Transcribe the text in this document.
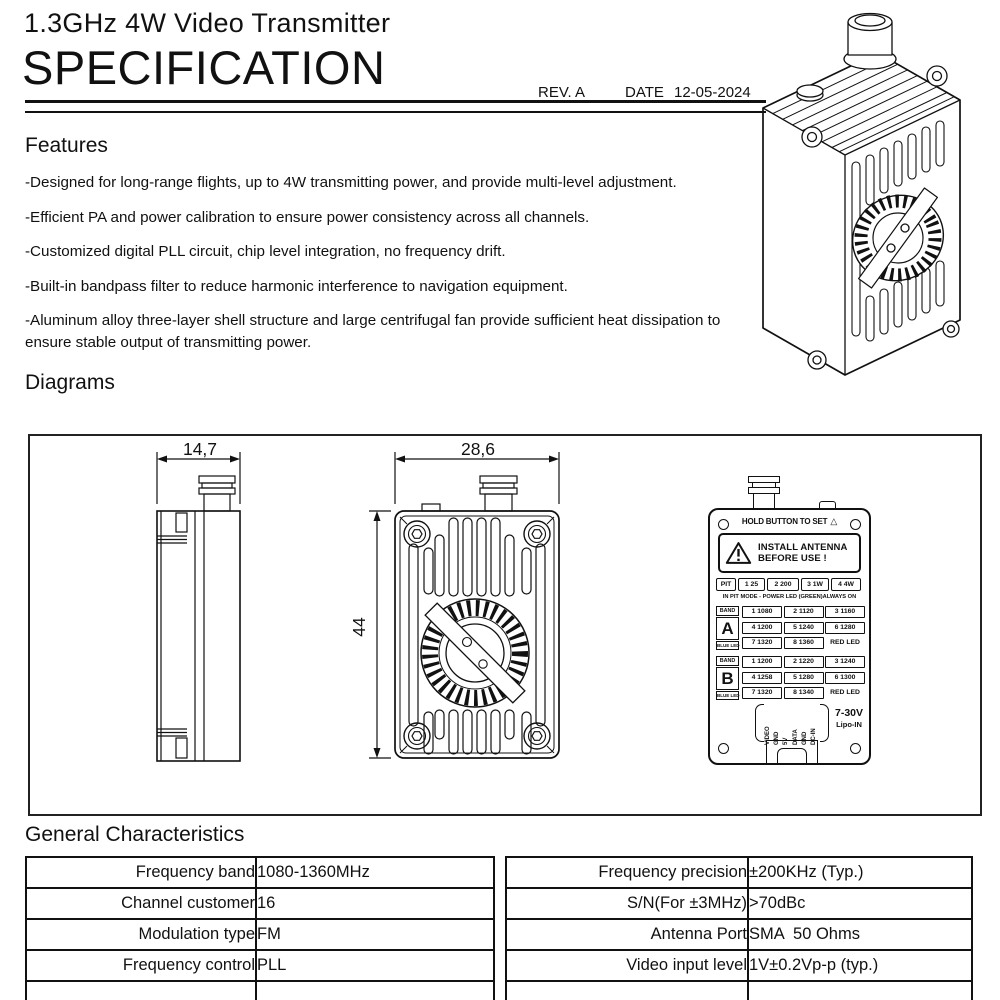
1.3GHz 4W Video Transmitter
SPECIFICATION	REV. A	DATE 12-05-2024
Features

-Designed for long-range flights, up to 4W transmitting power, and provide multi-level adjustment.

-Efficient PA and power calibration to ensure power consistency across all channels.

-Customized digital PLL circuit, chip level integration, no frequency drift.

-Built-in bandpass filter to reduce harmonic interference to navigation equipment.

-Aluminum alloy three-layer shell structure and large centrifugal fan provide sufficient heat dissipation to ensure stable output of transmitting power.

Diagrams
14,7	28,6
44
HOLD BUTTON TO SET △
INSTALL ANTENNA
BEFORE USE !
PIT	1 25	2 200	3 1W	4 4W
IN PIT MODE - POWER LED (GREEN)ALWAYS ON
BAND
A
BLUE LED
1 1080	2 1120	3 1160
4 1200	5 1240	6 1280
7 1320	8 1360	RED LED
BAND
B
BLUE LED
1 1200	2 1220	3 1240
4 1258	5 1280	6 1300
7 1320	8 1340	RED LED
VIDEO GND 5V DATA GND DC-IN
7-30V
Lipo-IN
General Characteristics
Frequency band	1080-1360MHz
Channel customer	16
Modulation type	FM
Frequency control	PLL

Frequency precision	±200KHz (Typ.)
S/N(For ±3MHz)	>70dBc
Antenna Port	SMA  50 Ohms
Video input level	1V±0.2Vp-p (typ.)
